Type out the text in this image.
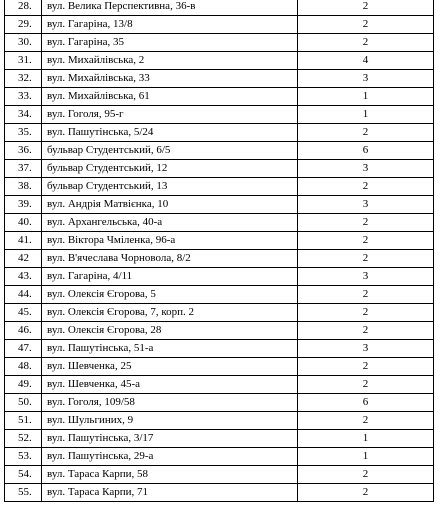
28.	вул. Велика Перспективна, 36-в	2
29.	вул. Гагаріна, 13/8	2
30.	вул. Гагаріна, 35	2
31.	вул. Михайлівська, 2	4
32.	вул. Михайлівська, 33	3
33.	вул. Михайлівська, 61	1
34.	вул. Гоголя, 95-г	1
35.	вул. Пашутінська, 5/24	2
36.	бульвар Студентський, 6/5	6
37.	бульвар Студентський, 12	3
38.	бульвар Студентський, 13	2
39.	вул. Андрія Матвієнка, 10	3
40.	вул. Архангельська, 40-а	2
41.	вул. Віктора Чміленка, 96-а	2
42	вул. В'ячеслава Чорновола, 8/2	2
43.	вул. Гагаріна, 4/11	3
44.	вул. Олексія Єгорова, 5	2
45.	вул. Олексія Єгорова, 7, корп. 2	2
46.	вул. Олексія Єгорова, 28	2
47.	вул. Пашутінська, 51-а	3
48.	вул. Шевченка, 25	2
49.	вул. Шевченка, 45-а	2
50.	вул. Гоголя, 109/58	6
51.	вул. Шульгиних, 9	2
52.	вул. Пашутінська, 3/17	1
53.	вул. Пашутінська, 29-а	1
54.	вул. Тараса Карпи, 58	2
55.	вул. Тараса Карпи, 71	2
